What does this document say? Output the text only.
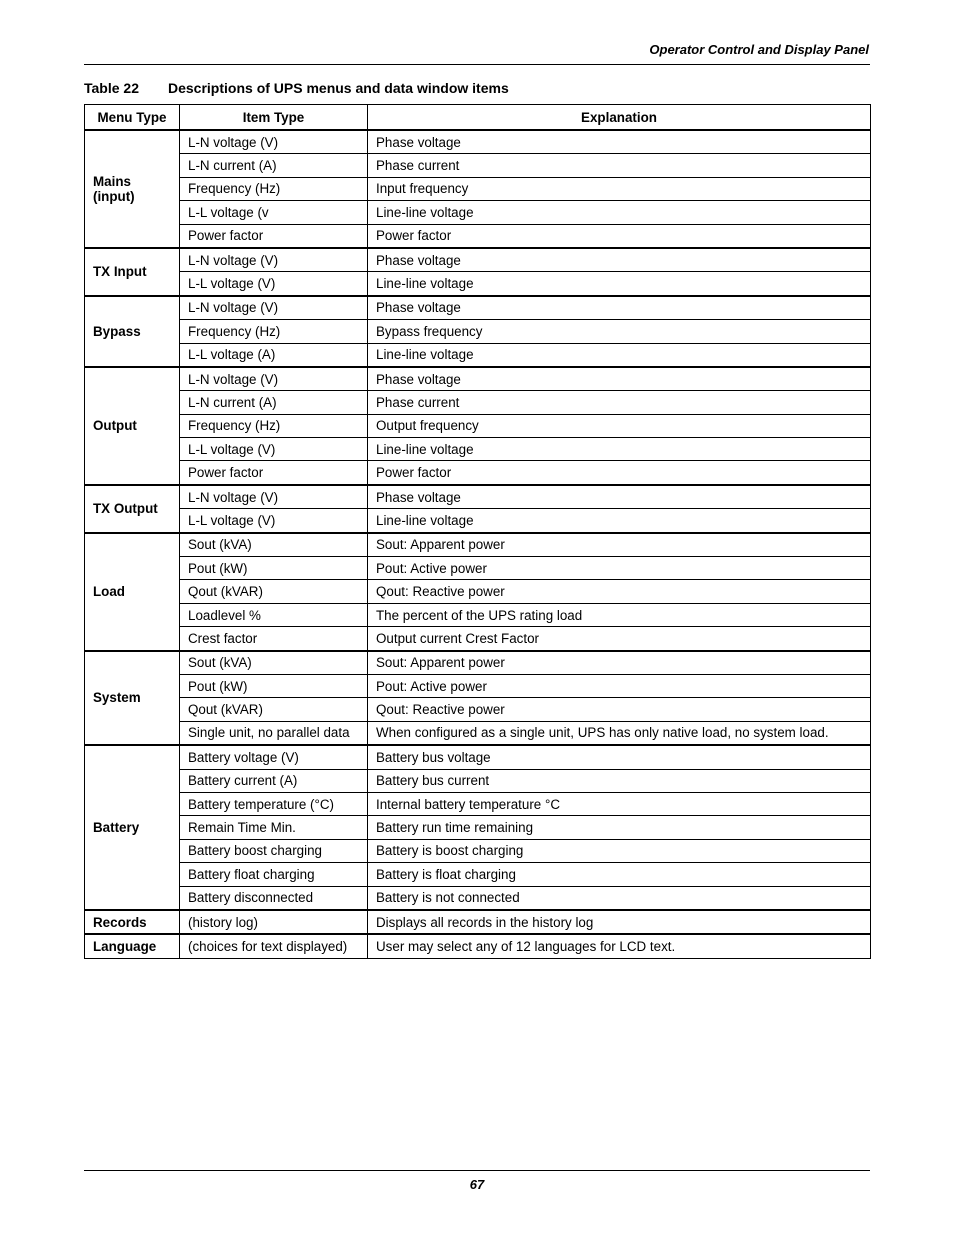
Operator Control and Display Panel
Table 22 Descriptions of UPS menus and data window items
Menu Type	Item Type	Explanation
Mains (input)	L-N voltage (V)	Phase voltage
	L-N current (A)	Phase current
	Frequency (Hz)	Input frequency
	L-L voltage (v	Line-line voltage
	Power factor	Power factor
TX Input	L-N voltage (V)	Phase voltage
	L-L voltage (V)	Line-line voltage
Bypass	L-N voltage (V)	Phase voltage
	Frequency (Hz)	Bypass frequency
	L-L voltage (A)	Line-line voltage
Output	L-N voltage (V)	Phase voltage
	L-N current (A)	Phase current
	Frequency (Hz)	Output frequency
	L-L voltage (V)	Line-line voltage
	Power factor	Power factor
TX Output	L-N voltage (V)	Phase voltage
	L-L voltage (V)	Line-line voltage
Load	Sout (kVA)	Sout: Apparent power
	Pout (kW)	Pout: Active power
	Qout (kVAR)	Qout: Reactive power
	Loadlevel %	The percent of the UPS rating load
	Crest factor	Output current Crest Factor
System	Sout (kVA)	Sout: Apparent power
	Pout (kW)	Pout: Active power
	Qout (kVAR)	Qout: Reactive power
	Single unit, no parallel data	When configured as a single unit, UPS has only native load, no system load.
Battery	Battery voltage (V)	Battery bus voltage
	Battery current (A)	Battery bus current
	Battery temperature (°C)	Internal battery temperature °C
	Remain Time Min.	Battery run time remaining
	Battery boost charging	Battery is boost charging
	Battery float charging	Battery is float charging
	Battery disconnected	Battery is not connected
Records	(history log)	Displays all records in the history log
Language	(choices for text displayed)	User may select any of 12 languages for LCD text.
67
